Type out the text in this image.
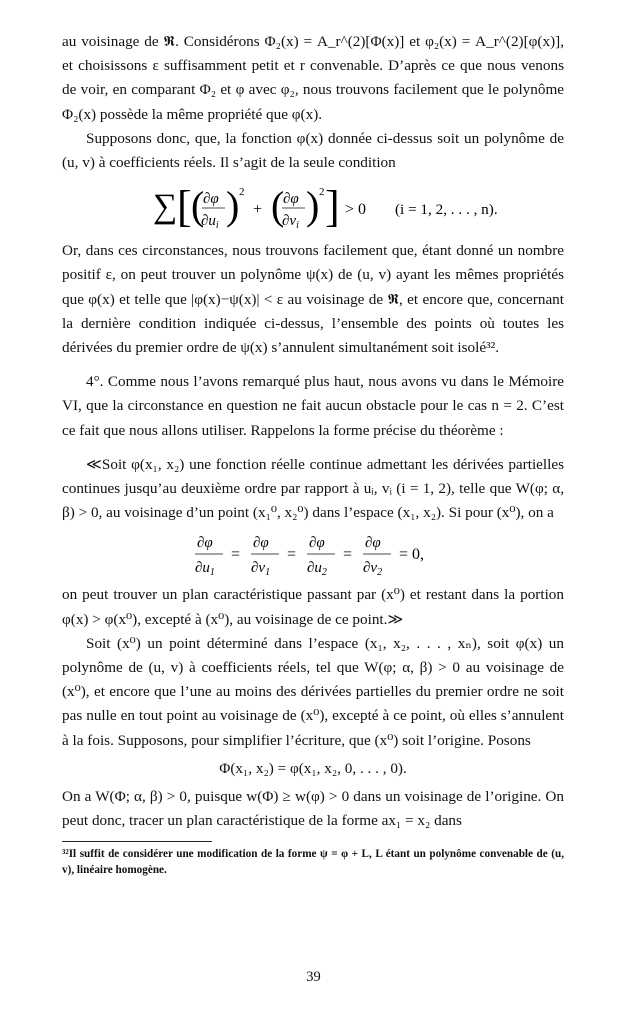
au voisinage de 𝕽. Considérons Φ₂(x) = A_r^(2)[Φ(x)] et φ₂(x) = A_r^(2)[φ(x)], et choisissons ε suffisamment petit et r convenable. D’après ce que nous venons de voir, en comparant Φ₂ et φ avec φ₂, nous trouvons facilement que le polynôme Φ₂(x) possède la même propriété que φ(x).

Supposons donc, que, la fonction φ(x) donnée ci-dessus soit un polynôme de (u, v) à coefficients réels. Il s’agit de la seule condition

∑ [ (
∂φ
$\partial u_i$ ) 2
+ (
∂φ
$\partial v_i$ ) 2 ] > 0 (i = 1, 2, . . . , n).

Or, dans ces circonstances, nous trouvons facilement que, étant donné un nombre positif ε, on peut trouver un polynôme ψ(x) de (u, v) ayant les mêmes propriétés que φ(x) et telle que |φ(x)−ψ(x)| < ε au voisinage de 𝕽, et encore que, concernant la dernière condition indiquée ci-dessus, l’ensemble des points où toutes les dérivées du premier ordre de ψ(x) s’annulent simultanément soit isolé³².

4°. Comme nous l’avons remarqué plus haut, nous avons vu dans le Mémoire VI, que la circonstance en question ne fait aucun obstacle pour le cas n = 2. C’est ce fait que nous allons utiliser. Rappelons la forme précise du théorème :

≪Soit φ(x₁, x₂) une fonction réelle continue admettant les dérivées partielles continues jusqu’au deuxième ordre par rapport à uᵢ, vᵢ (i = 1, 2), telle que W(φ; α, β) > 0, au voisinage d’un point (x₁⁰, x₂⁰) dans l’espace (x₁, x₂). Si pour (x⁰), on a

∂φ
$\partial u_1$
=
∂φ
$\partial v_1$
=
∂φ
$\partial u_2$
=
∂φ
$\partial v_2$
= 0,

on peut trouver un plan caractéristique passant par (x⁰) et restant dans la portion φ(x) > φ(x⁰), excepté à (x⁰), au voisinage de ce point.≫

Soit (x⁰) un point déterminé dans l’espace (x₁, x₂, . . . , xₙ), soit φ(x) un polynôme de (u, v) à coefficients réels, tel que W(φ; α, β) > 0 au voisinage de (x⁰), et encore que l’une au moins des dérivées partielles du premier ordre ne soit pas nulle en tout point au voisinage de (x⁰), excepté à ce point, où elles s’annulent à la fois. Supposons, pour simplifier l’écriture, que (x⁰) soit l’origine. Posons

Φ(x₁, x₂) = φ(x₁, x₂, 0, . . . , 0).

On a W(Φ; α, β) > 0, puisque w(Φ) ≥ w(φ) > 0 dans un voisinage de l’origine. On peut donc, tracer un plan caractéristique de la forme ax₁ = x₂ dans

³²Il suffit de considérer une modification de la forme ψ = φ + L, L étant un polynôme convenable de (u, v), linéaire homogène.

39
